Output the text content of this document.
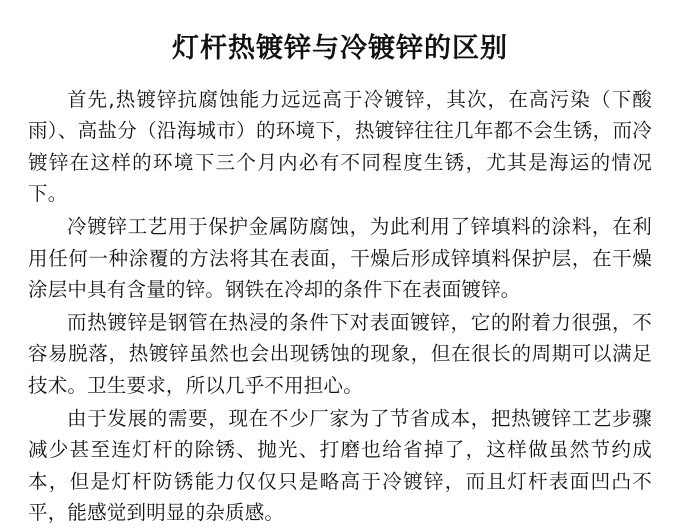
灯杆热镀锌与冷镀锌的区别

首先,热镀锌抗腐蚀能力远远高于冷镀锌，其次，在高污染（下酸雨）、高盐分（沿海城市）的环境下，热镀锌往往几年都不会生锈，而冷镀锌在这样的环境下三个月内必有不同程度生锈，尤其是海运的情况下。

冷镀锌工艺用于保护金属防腐蚀，为此利用了锌填料的涂料，在利用任何一种涂覆的方法将其在表面，干燥后形成锌填料保护层，在干燥涂层中具有含量的锌。钢铁在冷却的条件下在表面镀锌。

而热镀锌是钢管在热浸的条件下对表面镀锌，它的附着力很强，不容易脱落，热镀锌虽然也会出现锈蚀的现象，但在很长的周期可以满足技术。卫生要求，所以几乎不用担心。

由于发展的需要，现在不少厂家为了节省成本，把热镀锌工艺步骤减少甚至连灯杆的除锈、抛光、打磨也给省掉了，这样做虽然节约成本，但是灯杆防锈能力仅仅只是略高于冷镀锌，而且灯杆表面凹凸不平，能感觉到明显的杂质感。
